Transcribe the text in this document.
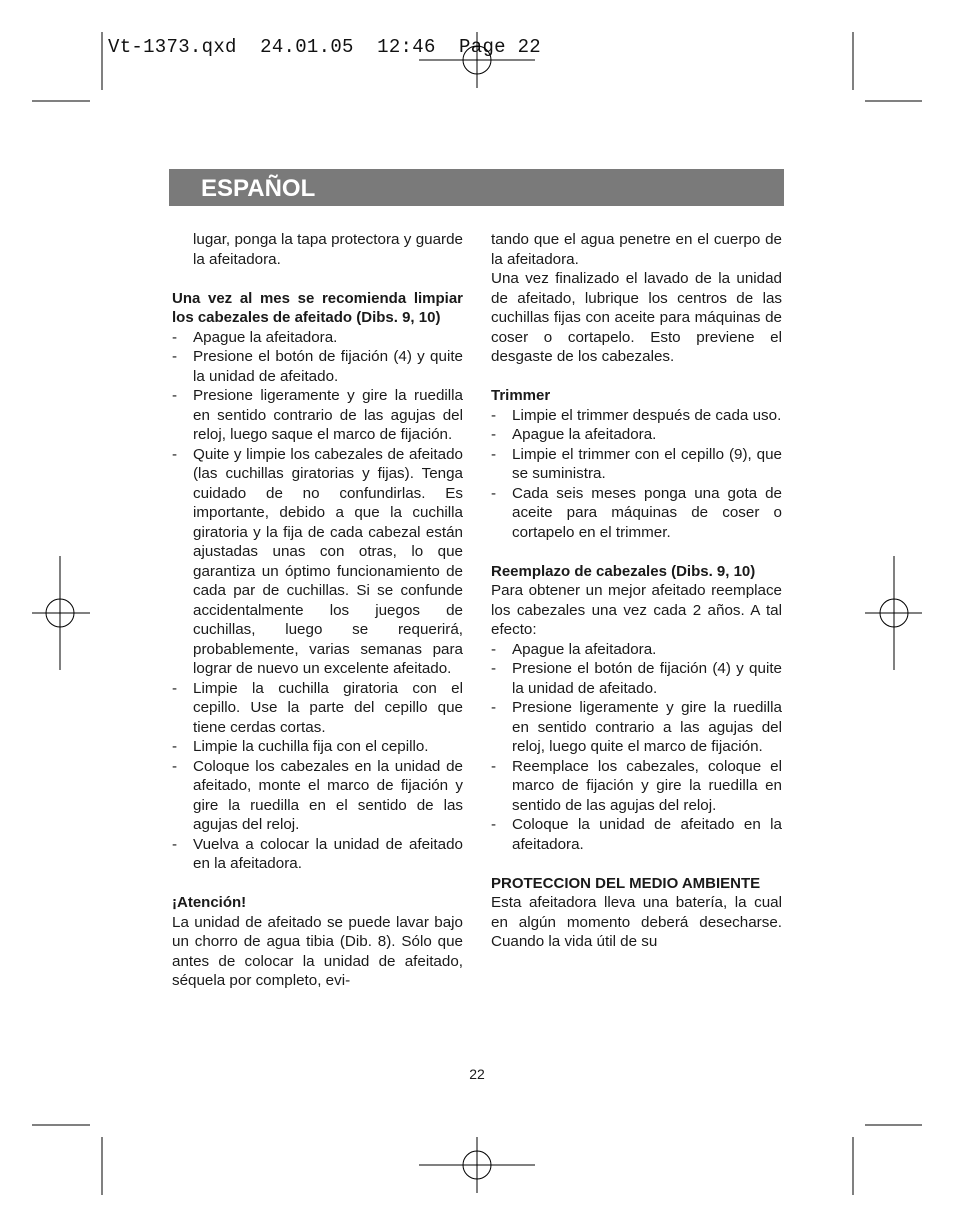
Vt-1373.qxd  24.01.05  12:46  Page 22
ESPAÑOL

lugar, ponga la tapa protectora y guarde la afeitadora.

Una vez al mes se recomienda limpiar los cabezales de afeitado (Dibs. 9, 10)

-	Apague la afeitadora.
-	Presione el botón de fijación (4) y quite la unidad de afeitado.
-	Presione ligeramente y gire la ruedilla en sentido contrario de las agujas del reloj, luego saque el marco de fijación.
-	Quite y limpie los cabezales de afeitado (las cuchillas giratorias y fijas). Tenga cuidado de no confundirlas. Es importante, debido a que la cuchilla giratoria y la fija de cada cabezal están ajustadas unas con otras, lo que garantiza un óptimo funcionamiento de cada par de cuchillas. Si se confunde accidentalmente los juegos de cuchillas, luego se requerirá, probablemente, varias semanas para lograr de nuevo un excelente afeitado.
-	Limpie la cuchilla giratoria con el cepillo. Use la parte del cepillo que tiene cerdas cortas.
-	Limpie la cuchilla fija con el cepillo.
-	Coloque los cabezales en la unidad de afeitado, monte el marco de fijación y gire la ruedilla en el sentido de las agujas del reloj.
-	Vuelva a colocar la unidad de afeitado en la afeitadora.

¡Atención!

La unidad de afeitado se puede lavar bajo un chorro de agua tibia (Dib. 8). Sólo que antes de colocar la unidad de afeitado, séquela por completo, evi-

tando que el agua penetre en el cuerpo de la afeitadora.

Una vez finalizado el lavado de la unidad de afeitado, lubrique los centros de las cuchillas fijas con aceite para máquinas de coser o cortapelo. Esto previene el desgaste de los cabezales.

Trimmer

-	Limpie el trimmer después de cada uso.
-	Apague la afeitadora.
-	Limpie el trimmer con el cepillo (9), que se suministra.
-	Cada seis meses ponga una gota de aceite para máquinas de coser o cortapelo en el trimmer.

Reemplazo de cabezales (Dibs. 9, 10)

Para obtener un mejor afeitado reemplace los cabezales una vez cada 2 años. A tal efecto:

-	Apague la afeitadora.
-	Presione el botón de fijación (4) y quite la unidad de afeitado.
-	Presione ligeramente y gire la ruedilla en sentido contrario a las agujas del reloj, luego quite el marco de fijación.
-	Reemplace los cabezales, coloque el marco de fijación y gire la ruedilla en sentido de las agujas del reloj.
-	Coloque la unidad de afeitado en la afeitadora.

PROTECCION DEL MEDIO AMBIENTE

Esta afeitadora lleva una batería, la cual en algún momento deberá desecharse. Cuando la vida útil de su

22
